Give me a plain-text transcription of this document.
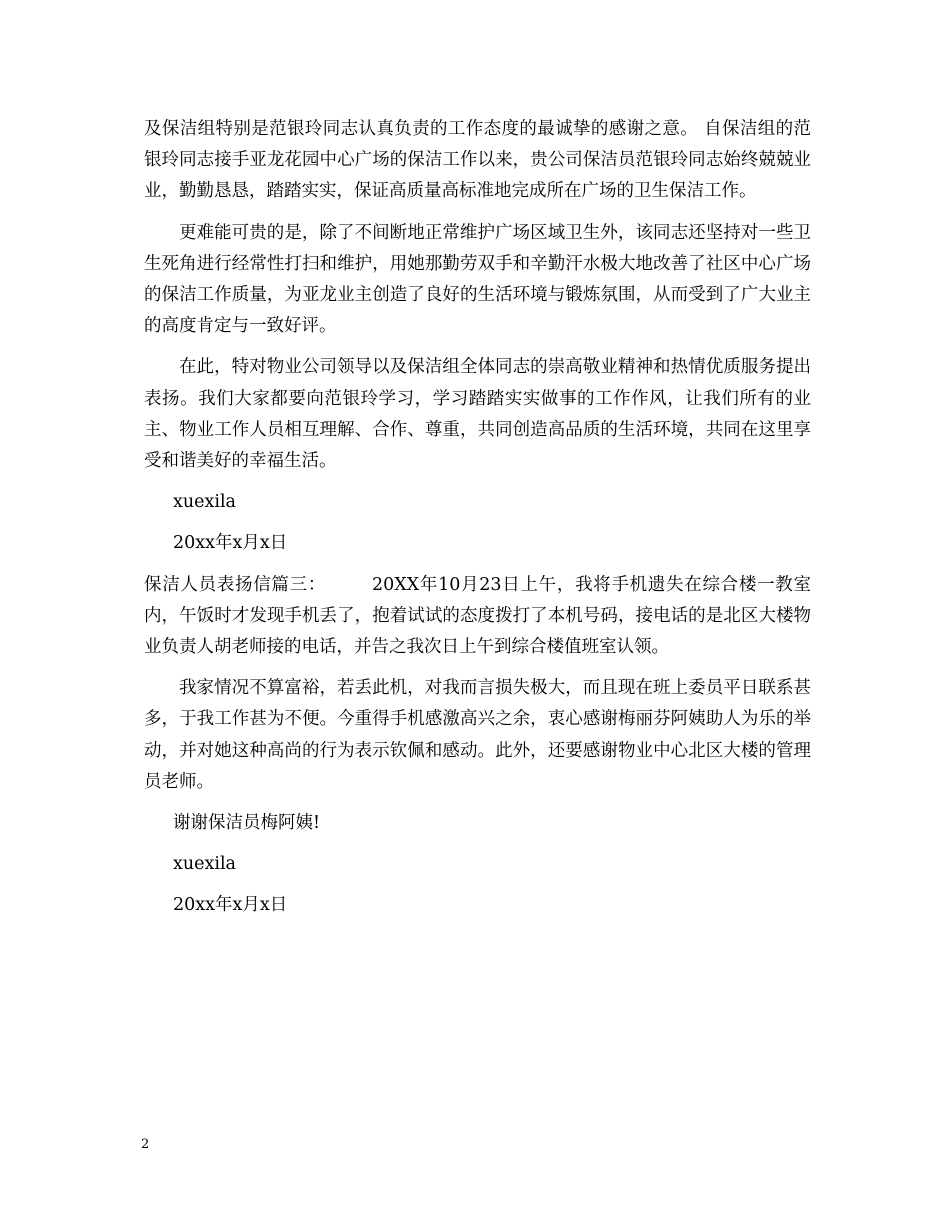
及保洁组特别是范银玲同志认真负责的工作态度的最诚挚的感谢之意。 自保洁组的范银玲同志接手亚龙花园中心广场的保洁工作以来，贵公司保洁员范银玲同志始终兢兢业业，勤勤恳恳，踏踏实实，保证高质量高标准地完成所在广场的卫生保洁工作。

更难能可贵的是，除了不间断地正常维护广场区域卫生外，该同志还坚持对一些卫生死角进行经常性打扫和维护，用她那勤劳双手和辛勤汗水极大地改善了社区中心广场的保洁工作质量，为亚龙业主创造了良好的生活环境与锻炼氛围，从而受到了广大业主的高度肯定与一致好评。

在此，特对物业公司领导以及保洁组全体同志的崇高敬业精神和热情优质服务提出表扬。我们大家都要向范银玲学习，学习踏踏实实做事的工作作风，让我们所有的业主、物业工作人员相互理解、合作、尊重，共同创造高品质的生活环境，共同在这里享受和谐美好的幸福生活。

xuexila

20xx年x月x日

保洁人员表扬信篇三：	20XX年10月23日上午，我将手机遗失在综合楼一教室内，午饭时才发现手机丢了，抱着试试的态度拨打了本机号码，接电话的是北区大楼物业负责人胡老师接的电话，并告之我次日上午到综合楼值班室认领。

我家情况不算富裕，若丢此机，对我而言损失极大，而且现在班上委员平日联系甚多，于我工作甚为不便。今重得手机感激高兴之余，衷心感谢梅丽芬阿姨助人为乐的举动，并对她这种高尚的行为表示钦佩和感动。此外，还要感谢物业中心北区大楼的管理员老师。

谢谢保洁员梅阿姨!

xuexila

20xx年x月x日

2
